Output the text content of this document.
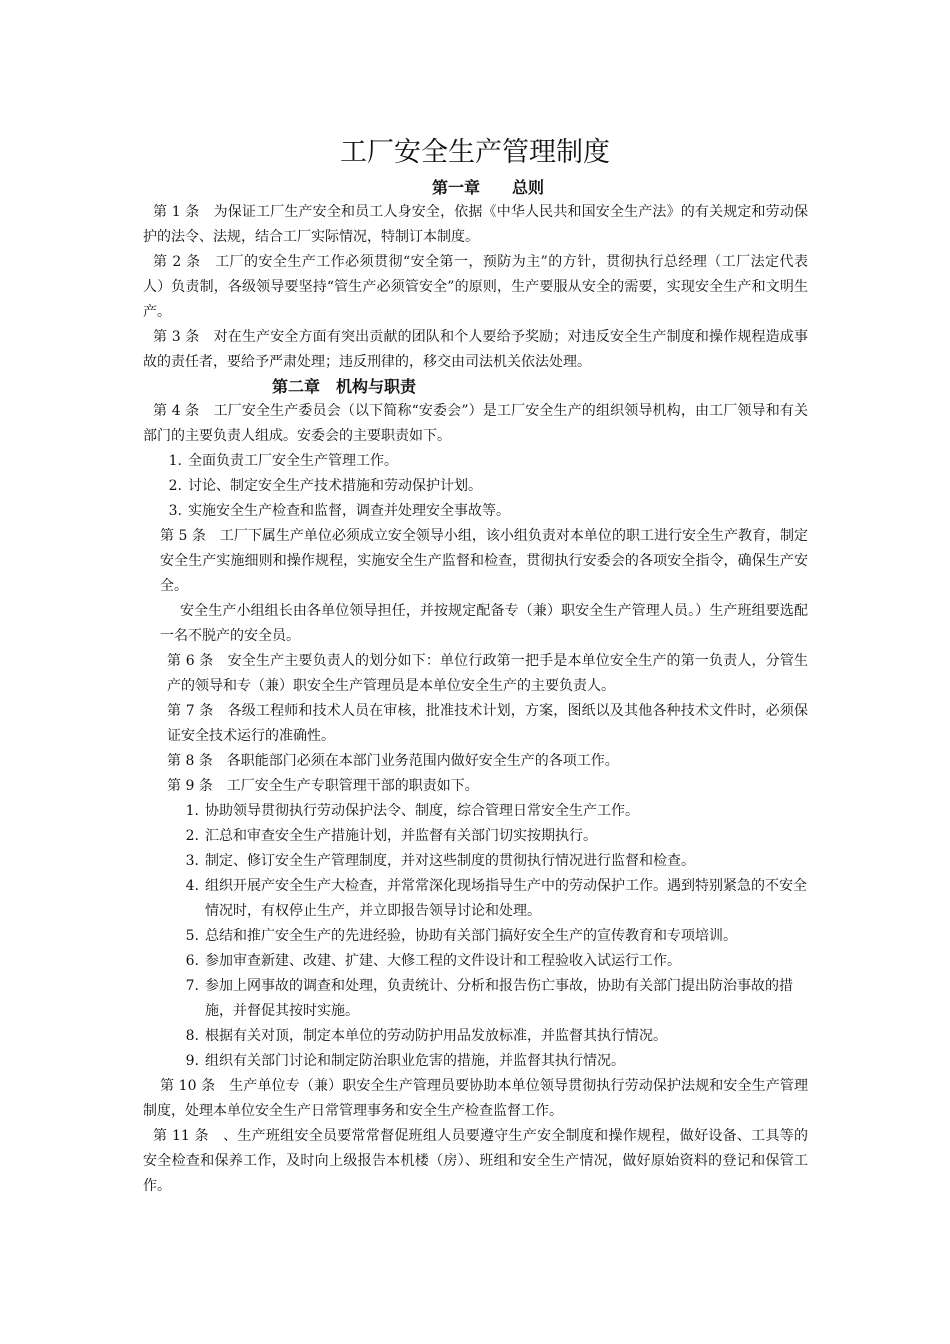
工厂安全生产管理制度
第一章　　总则

第 1 条　为保证工厂生产安全和员工人身安全，依据《中华人民共和国安全生产法》的有关规定和劳动保护的法令、法规，结合工厂实际情况，特制订本制度。

第 2 条　工厂的安全生产工作必须贯彻“安全第一，预防为主”的方针，贯彻执行总经理（工厂法定代表人）负责制，各级领导要坚持“管生产必须管安全”的原则，生产要服从安全的需要，实现安全生产和文明生产。

第 3 条　对在生产安全方面有突出贡献的团队和个人要给予奖励；对违反安全生产制度和操作规程造成事故的责任者，要给予严肃处理；违反刑律的，移交由司法机关依法处理。

第二章　机构与职责

第 4 条　工厂安全生产委员会（以下简称“安委会”）是工厂安全生产的组织领导机构，由工厂领导和有关部门的主要负责人组成。安委会的主要职责如下。

1. 全面负责工厂安全生产管理工作。
2. 讨论、制定安全生产技术措施和劳动保护计划。
3. 实施安全生产检查和监督，调查并处理安全事故等。

第 5 条　工厂下属生产单位必须成立安全领导小组，该小组负责对本单位的职工进行安全生产教育，制定安全生产实施细则和操作规程，实施安全生产监督和检查，贯彻执行安委会的各项安全指令，确保生产安全。

安全生产小组组长由各单位领导担任，并按规定配备专（兼）职安全生产管理人员。）生产班组要选配一名不脱产的安全员。

第 6 条　安全生产主要负责人的划分如下：单位行政第一把手是本单位安全生产的第一负责人，分管生产的领导和专（兼）职安全生产管理员是本单位安全生产的主要负责人。

第 7 条　各级工程师和技术人员在审核，批准技术计划，方案，图纸以及其他各种技术文件时，必须保证安全技术运行的准确性。

第 8 条　各职能部门必须在本部门业务范围内做好安全生产的各项工作。

第 9 条　工厂安全生产专职管理干部的职责如下。

1. 协助领导贯彻执行劳动保护法令、制度，综合管理日常安全生产工作。
2. 汇总和审查安全生产措施计划，并监督有关部门切实按期执行。
3. 制定、修订安全生产管理制度，并对这些制度的贯彻执行情况进行监督和检查。
4. 组织开展产安全生产大检查，并常常深化现场指导生产中的劳动保护工作。遇到特别紧急的不安全情况时，有权停止生产，并立即报告领导讨论和处理。
5. 总结和推广安全生产的先进经验，协助有关部门搞好安全生产的宣传教育和专项培训。
6. 参加审查新建、改建、扩建、大修工程的文件设计和工程验收入试运行工作。
7. 参加上网事故的调查和处理，负责统计、分析和报告伤亡事故，协助有关部门提出防治事故的措施，并督促其按时实施。
8. 根据有关对顶，制定本单位的劳动防护用品发放标准，并监督其执行情况。
9. 组织有关部门讨论和制定防治职业危害的措施，并监督其执行情况。

第 10 条　生产单位专（兼）职安全生产管理员要协助本单位领导贯彻执行劳动保护法规和安全生产管理制度，处理本单位安全生产日常管理事务和安全生产检查监督工作。

第 11 条　、生产班组安全员要常常督促班组人员要遵守生产安全制度和操作规程，做好设备、工具等的安全检查和保养工作，及时向上级报告本机楼（房）、班组和安全生产情况，做好原始资料的登记和保管工作。
